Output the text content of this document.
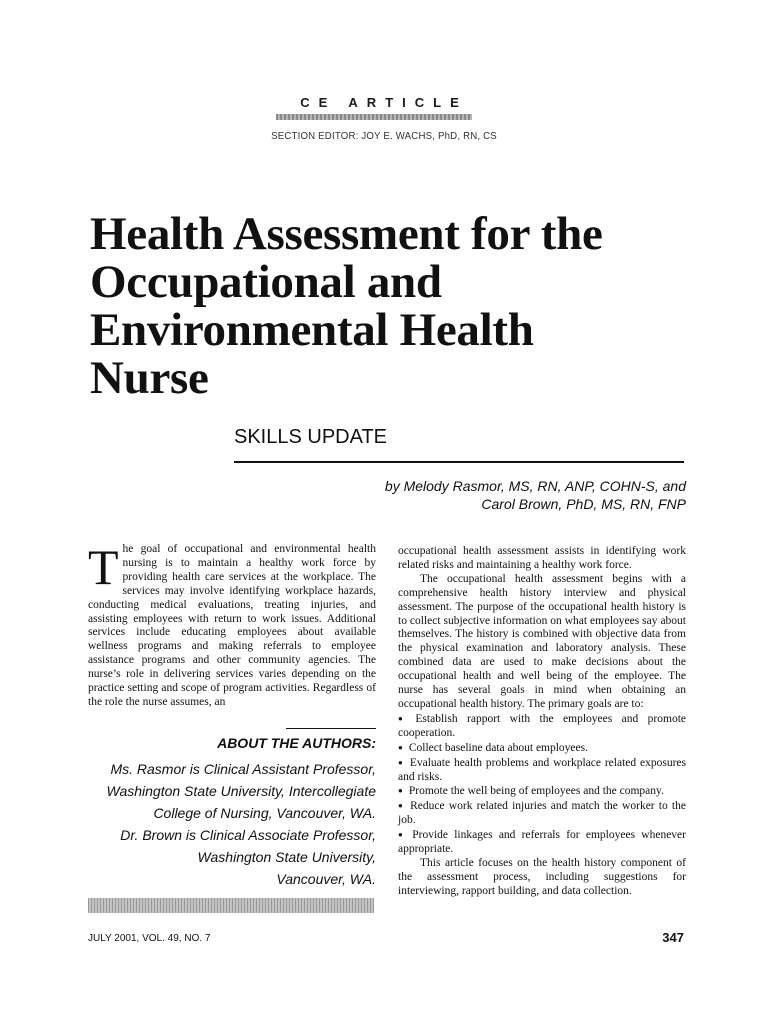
CE ARTICLE
SECTION EDITOR: JOY E. WACHS, PhD, RN, CS
Health Assessment for the
Occupational and
Environmental Health
Nurse
SKILLS UPDATE
by Melody Rasmor, MS, RN, ANP, COHN-S, and
Carol Brown, PhD, MS, RN, FNP

The goal of occupational and environmental health nursing is to maintain a healthy work force by providing health care services at the workplace. The services may involve identifying workplace hazards, conducting medical evaluations, treating injuries, and assisting employees with return to work issues. Additional services include educating employees about available wellness programs and making referrals to employee assistance programs and other community agencies. The nurse’s role in delivering services varies depending on the practice setting and scope of program activities. Regardless of the role the nurse assumes, an

ABOUT THE AUTHORS:
Ms. Rasmor is Clinical Assistant Professor,
Washington State University, Intercollegiate
College of Nursing, Vancouver, WA.
Dr. Brown is Clinical Associate Professor,
Washington State University,
Vancouver, WA.

occupational health assessment assists in identifying work related risks and maintaining a healthy work force.

The occupational health assessment begins with a comprehensive health history interview and physical assessment. The purpose of the occupational health history is to collect subjective information on what employees say about themselves. The history is combined with objective data from the physical examination and laboratory analysis. These combined data are used to make decisions about the occupational health and well being of the employee. The nurse has several goals in mind when obtaining an occupational health history. The primary goals are to:

● Establish rapport with the employees and promote cooperation.
● Collect baseline data about employees.
● Evaluate health problems and workplace related exposures and risks.
● Promote the well being of employees and the company.
● Reduce work related injuries and match the worker to the job.
● Provide linkages and referrals for employees whenever appropriate.

This article focuses on the health history component of the assessment process, including suggestions for interviewing, rapport building, and data collection.

JULY 2001, VOL. 49, NO. 7	347
